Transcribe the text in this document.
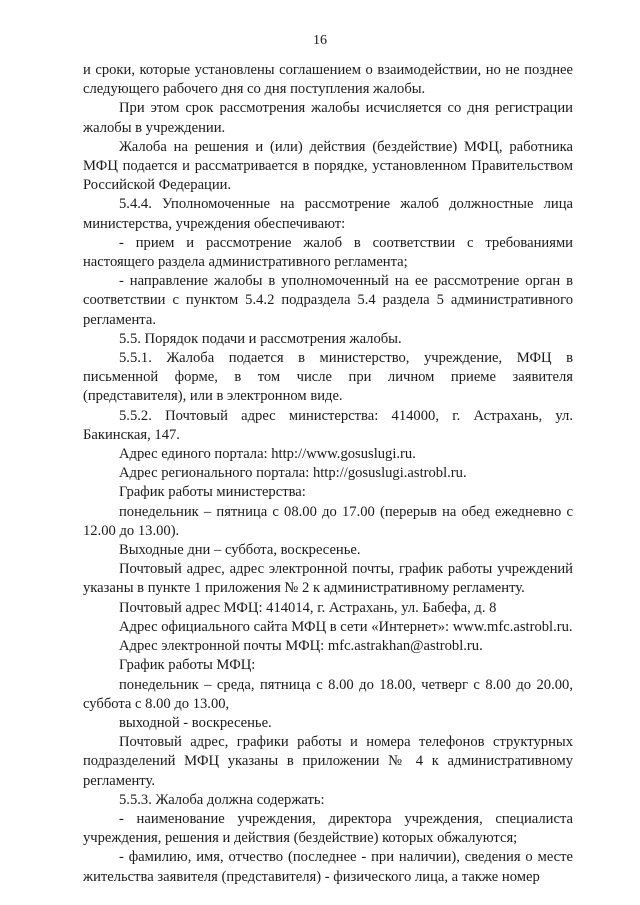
16

и сроки, которые установлены соглашением о взаимодействии, но не позднее следующего рабочего дня со дня поступления жалобы.

При этом срок рассмотрения жалобы исчисляется со дня регистрации жалобы в учреждении.

Жалоба на решения и (или) действия (бездействие) МФЦ, работника МФЦ подается и рассматривается в порядке, установленном Правительством Российской Федерации.

5.4.4. Уполномоченные на рассмотрение жалоб должностные лица министерства, учреждения обеспечивают:

- прием и рассмотрение жалоб в соответствии с требованиями настоящего раздела административного регламента;

- направление жалобы в уполномоченный на ее рассмотрение орган в соответствии с пунктом 5.4.2 подраздела 5.4 раздела 5 административного регламента.

5.5. Порядок подачи и рассмотрения жалобы.

5.5.1. Жалоба подается в министерство, учреждение, МФЦ в письменной форме, в том числе при личном приеме заявителя (представителя), или в электронном виде.

5.5.2. Почтовый адрес министерства: 414000, г. Астрахань, ул. Бакинская, 147.

Адрес единого портала: http://www.gosuslugi.ru.

Адрес регионального портала: http://gosuslugi.astrobl.ru.

График работы министерства:

понедельник – пятница с 08.00 до 17.00 (перерыв на обед ежедневно с 12.00 до 13.00).

Выходные дни – суббота, воскресенье.

Почтовый адрес, адрес электронной почты, график работы учреждений указаны в пункте 1 приложения № 2 к административному регламенту.

Почтовый адрес МФЦ: 414014, г. Астрахань, ул. Бабефа, д. 8

Адрес официального сайта МФЦ в сети «Интернет»: www.mfc.astrobl.ru.

Адрес электронной почты МФЦ: mfc.astrakhan@astrobl.ru.

График работы МФЦ:

понедельник – среда, пятница с 8.00 до 18.00, четверг с 8.00 до 20.00, суббота с 8.00 до 13.00,

выходной - воскресенье.

Почтовый адрес, графики работы и номера телефонов структурных подразделений МФЦ указаны в приложении № 4 к административному регламенту.

5.5.3. Жалоба должна содержать:

- наименование учреждения, директора учреждения, специалиста учреждения, решения и действия (бездействие) которых обжалуются;

- фамилию, имя, отчество (последнее - при наличии), сведения о месте жительства заявителя (представителя) - физического лица, а также номер
